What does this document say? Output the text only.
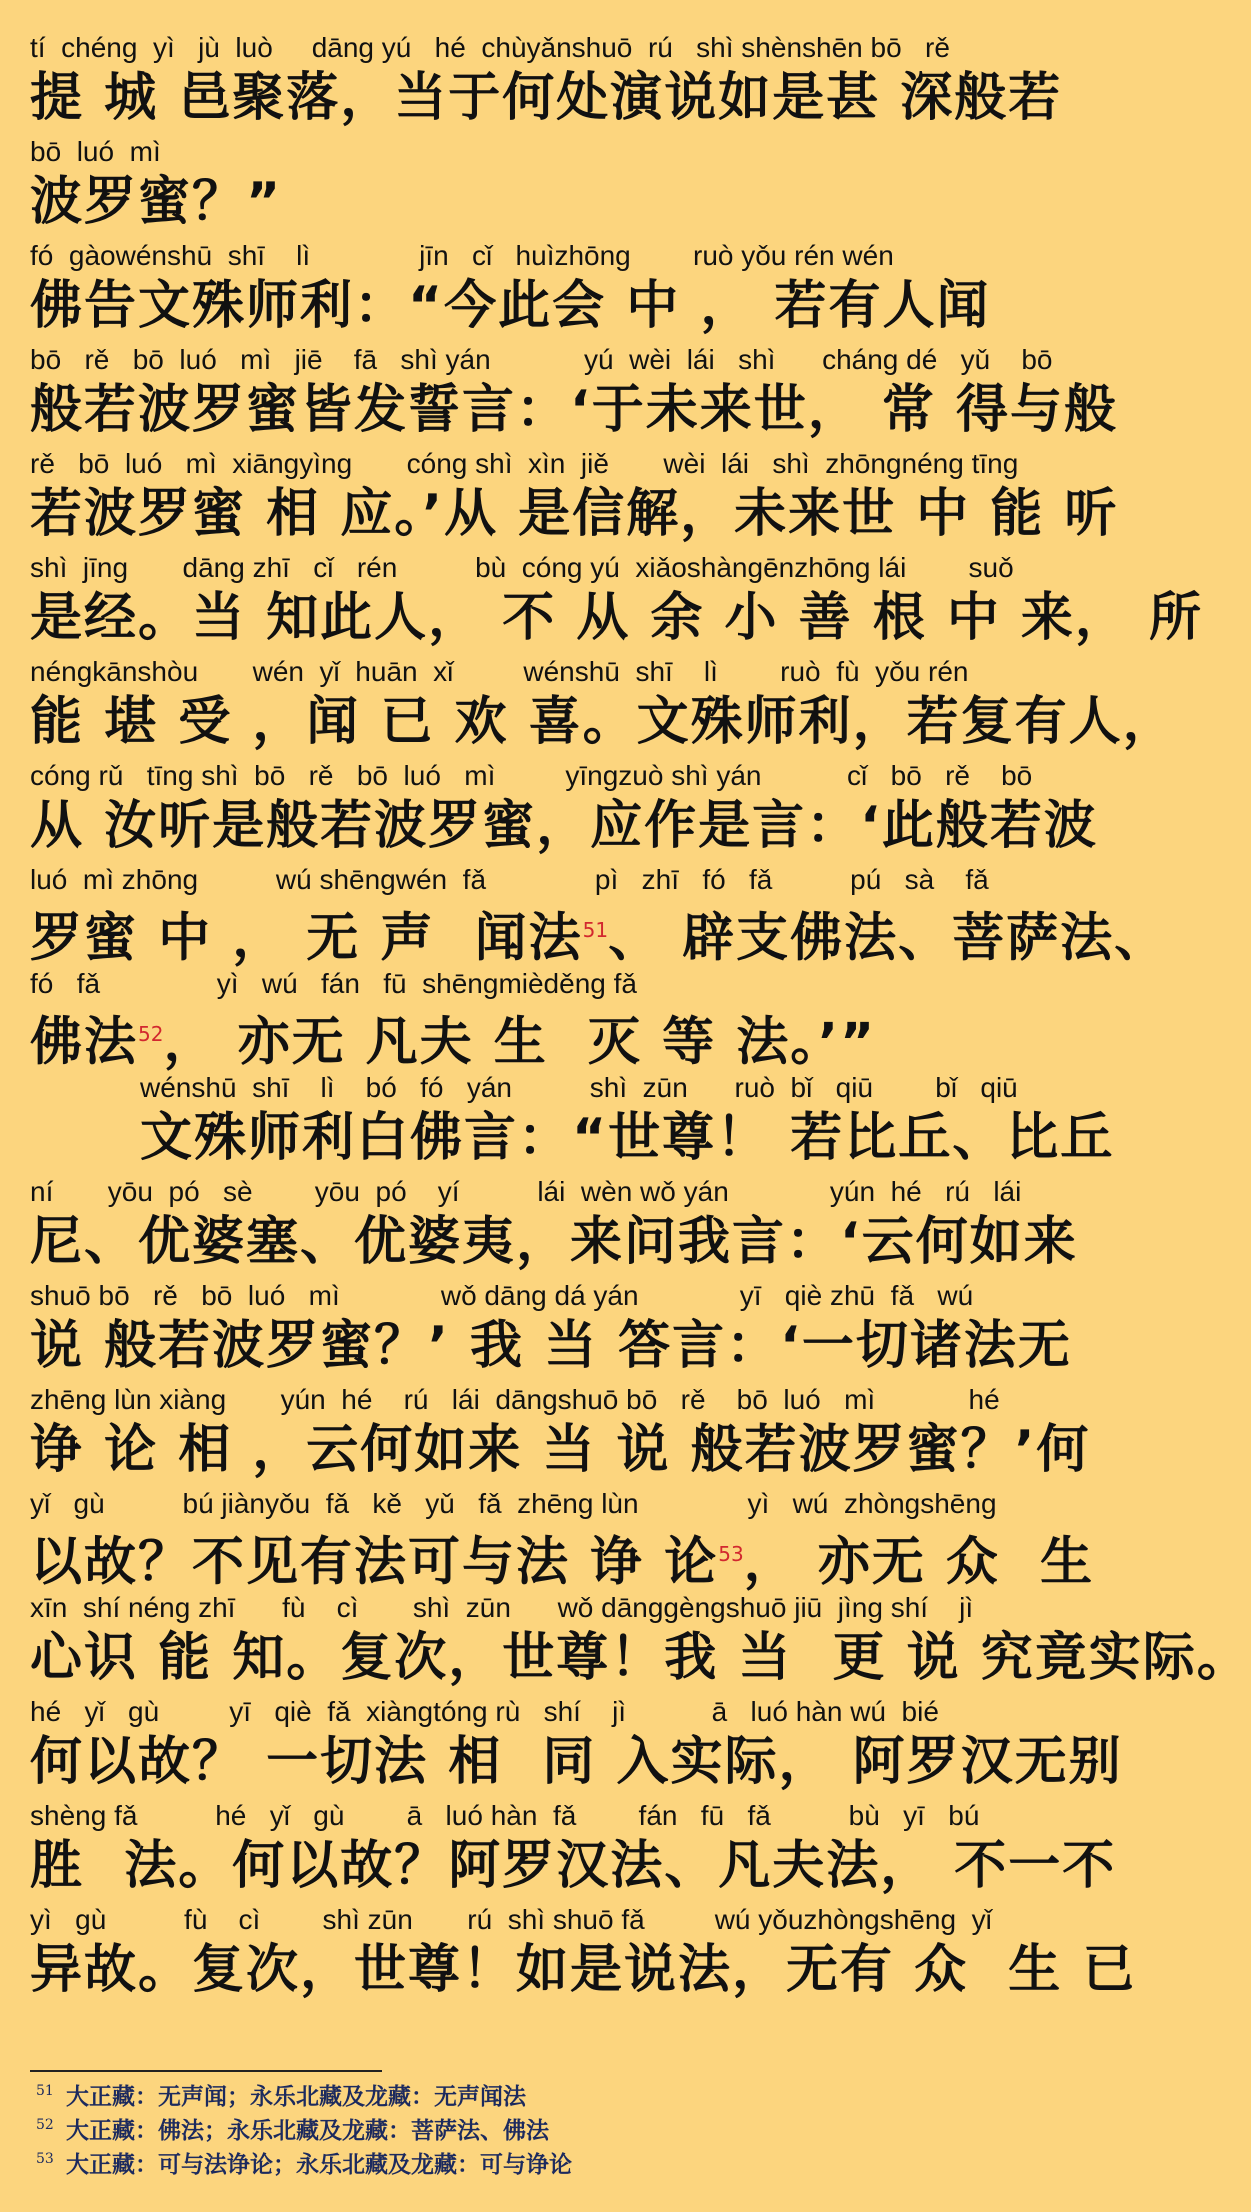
tí  chéng  yì   jù  luò     dāng yú   hé  chùyǎnshuō  rú   shì shènshēn bō   rě
提 城 邑聚落，当于何处演说如是甚 深般若
bō  luó  mì
波罗蜜？”
fó  gàowénshū  shī    lì              jīn   cǐ   huìzhōng        ruò yǒu rén wén
佛告文殊师利：“今此会 中 ， 若有人闻
bō   rě   bō  luó   mì   jiē    fā   shì yán            yú  wèi  lái   shì      cháng dé   yǔ    bō
般若波罗蜜皆发誓言：‘于未来世， 常 得与般
rě   bō  luó   mì  xiāngyìng       cóng shì  xìn  jiě       wèi  lái   shì  zhōngnéng tīng
若波罗蜜 相 应。’从 是信解，未来世 中 能 听
shì  jīng       dāng zhī   cǐ   rén          bù  cóng yú  xiǎoshàngēnzhōng lái        suǒ
是经。当 知此人， 不 从 余 小 善 根 中 来， 所
néngkānshòu       wén  yǐ  huān  xǐ         wénshū  shī    lì        ruò  fù  yǒu rén
能 堪 受 ，闻 已 欢 喜。文殊师利，若复有人，
cóng rǔ   tīng shì  bō   rě   bō  luó   mì         yīngzuò shì yán           cǐ   bō   rě    bō
从 汝听是般若波罗蜜，应作是言：‘此般若波
luó  mì zhōng          wú shēngwén  fǎ              pì   zhī   fó   fǎ          pú   sà    fǎ
罗蜜 中 ， 无 声  闻法$^{51}$、 辟支佛法、菩萨法、
fó   fǎ               yì   wú   fán   fū  shēngmièděng fǎ
佛法$^{52}$， 亦无 凡夫 生  灭 等 法。’”
wénshū  shī    lì    bó   fó   yán          shì  zūn      ruò  bǐ   qiū        bǐ   qiū
文殊师利白佛言：“世尊！ 若比丘、比丘
ní       yōu  pó   sè        yōu  pó    yí          lái  wèn wǒ yán             yún  hé   rú   lái
尼、优婆塞、优婆夷，来问我言：‘云何如来
shuō bō   rě   bō  luó   mì             wǒ dāng dá yán             yī   qiè zhū  fǎ   wú
说 般若波罗蜜？’ 我 当 答言：‘一切诸法无
zhēng lùn xiàng       yún  hé    rú   lái  dāngshuō bō   rě    bō  luó   mì            hé
诤 论 相 ，云何如来 当 说 般若波罗蜜？’何
yǐ   gù          bú jiànyǒu  fǎ   kě   yǔ   fǎ  zhēng lùn              yì   wú  zhòngshēng
以故？不见有法可与法 诤 论$^{53}$， 亦无 众  生
xīn  shí néng zhī      fù    cì       shì  zūn      wǒ dānggèngshuō jiū  jìng shí    jì
心识 能 知。复次，世尊！我 当  更 说 究竟实际。
hé   yǐ   gù         yī   qiè  fǎ  xiàngtóng rù   shí    jì           ā   luó hàn wú  bié
何以故？ 一切法 相  同 入实际， 阿罗汉无别
shèng fǎ          hé   yǐ   gù        ā   luó hàn  fǎ        fán   fū   fǎ          bù   yī   bú
胜  法。何以故？阿罗汉法、凡夫法， 不一不
yì   gù          fù    cì        shì zūn       rú  shì shuō fǎ         wú yǒuzhòngshēng  yǐ
异故。复次，世尊！如是说法，无有 众  生 已
51 大正藏：无声闻；永乐北藏及龙藏：无声闻法
52 大正藏：佛法；永乐北藏及龙藏：菩萨法、佛法
53 大正藏：可与法诤论；永乐北藏及龙藏：可与诤论
